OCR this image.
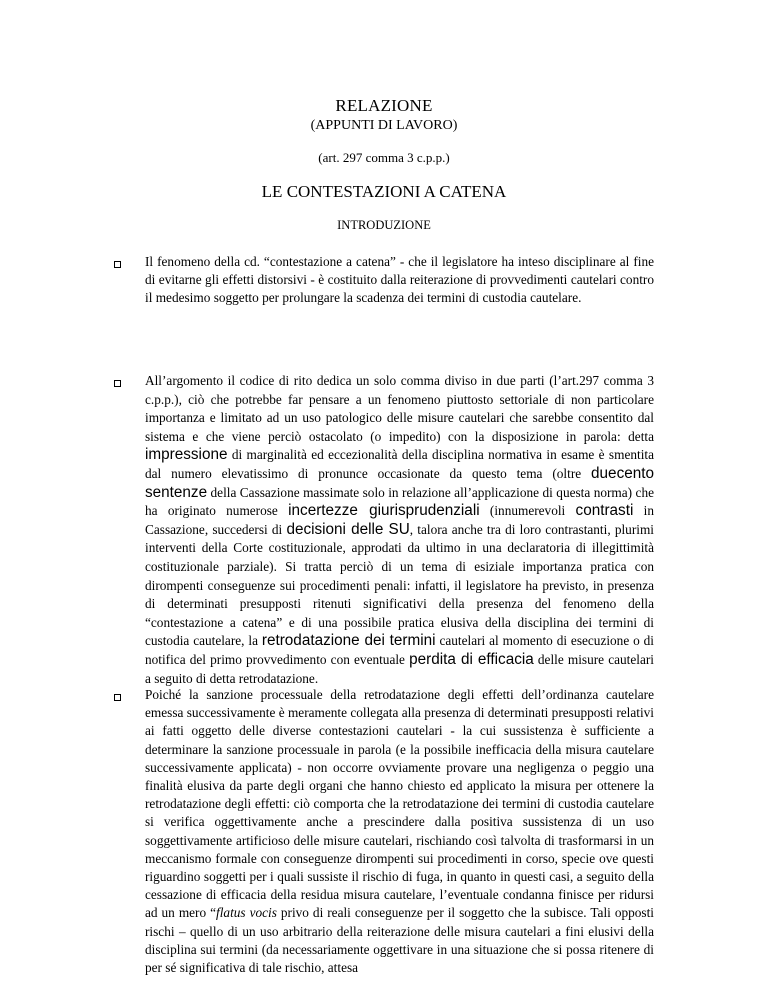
RELAZIONE
(APPUNTI DI LAVORO)
(art. 297 comma 3 c.p.p.)
LE CONTESTAZIONI A CATENA
INTRODUZIONE
Il fenomeno della cd. “contestazione a catena” - che il legislatore ha inteso disciplinare al fine di evitarne gli effetti distorsivi - è costituito dalla reiterazione di provvedimenti cautelari contro il medesimo soggetto per prolungare la scadenza dei termini di custodia cautelare.
All’argomento il codice di rito dedica un solo comma diviso in due parti (l’art.297 comma 3 c.p.p.), ciò che potrebbe far pensare a un fenomeno piuttosto settoriale di non particolare importanza e limitato ad un uso patologico delle misure cautelari che sarebbe consentito dal sistema e che viene perciò ostacolato (o impedito) con la disposizione in parola: detta impressione di marginalità ed eccezionalità della disciplina normativa in esame è smentita dal numero elevatissimo di pronunce occasionate da questo tema (oltre duecento sentenze della Cassazione massimate solo in relazione all’applicazione di questa norma) che ha originato numerose incertezze giurisprudenziali (innumerevoli contrasti in Cassazione, succedersi di decisioni delle SU, talora anche tra di loro contrastanti, plurimi interventi della Corte costituzionale, approdati da ultimo in una declaratoria di illegittimità costituzionale parziale). Si tratta perciò di un tema di esiziale importanza pratica con dirompenti conseguenze sui procedimenti penali: infatti, il legislatore ha previsto, in presenza di determinati presupposti ritenuti significativi della presenza del fenomeno della “contestazione a catena” e di una possibile pratica elusiva della disciplina dei termini di custodia cautelare, la retrodatazione dei termini cautelari al momento di esecuzione o di notifica del primo provvedimento con eventuale perdita di efficacia delle misure cautelari a seguito di detta retrodatazione.
Poiché la sanzione processuale della retrodatazione degli effetti dell’ordinanza cautelare emessa successivamente è meramente collegata alla presenza di determinati presupposti relativi ai fatti oggetto delle diverse contestazioni cautelari - la cui sussistenza è sufficiente a determinare la sanzione processuale in parola (e la possibile inefficacia della misura cautelare successivamente applicata) - non occorre ovviamente provare una negligenza o peggio una finalità elusiva da parte degli organi che hanno chiesto ed applicato la misura per ottenere la retrodatazione degli effetti: ciò comporta che la retrodatazione dei termini di custodia cautelare si verifica oggettivamente anche a prescindere dalla positiva sussistenza di un uso soggettivamente artificioso delle misure cautelari, rischiando così talvolta di trasformarsi in un meccanismo formale con conseguenze dirompenti sui procedimenti in corso, specie ove questi riguardino soggetti per i quali sussiste il rischio di fuga, in quanto in questi casi, a seguito della cessazione di efficacia della residua misura cautelare, l’eventuale condanna finisce per ridursi ad un mero “flatus vocis privo di reali conseguenze per il soggetto che la subisce. Tali opposti rischi – quello di un uso arbitrario della reiterazione delle misura cautelari a fini elusivi della disciplina sui termini (da necessariamente oggettivare in una situazione che si possa ritenere di per sé significativa di tale rischio, attesa
